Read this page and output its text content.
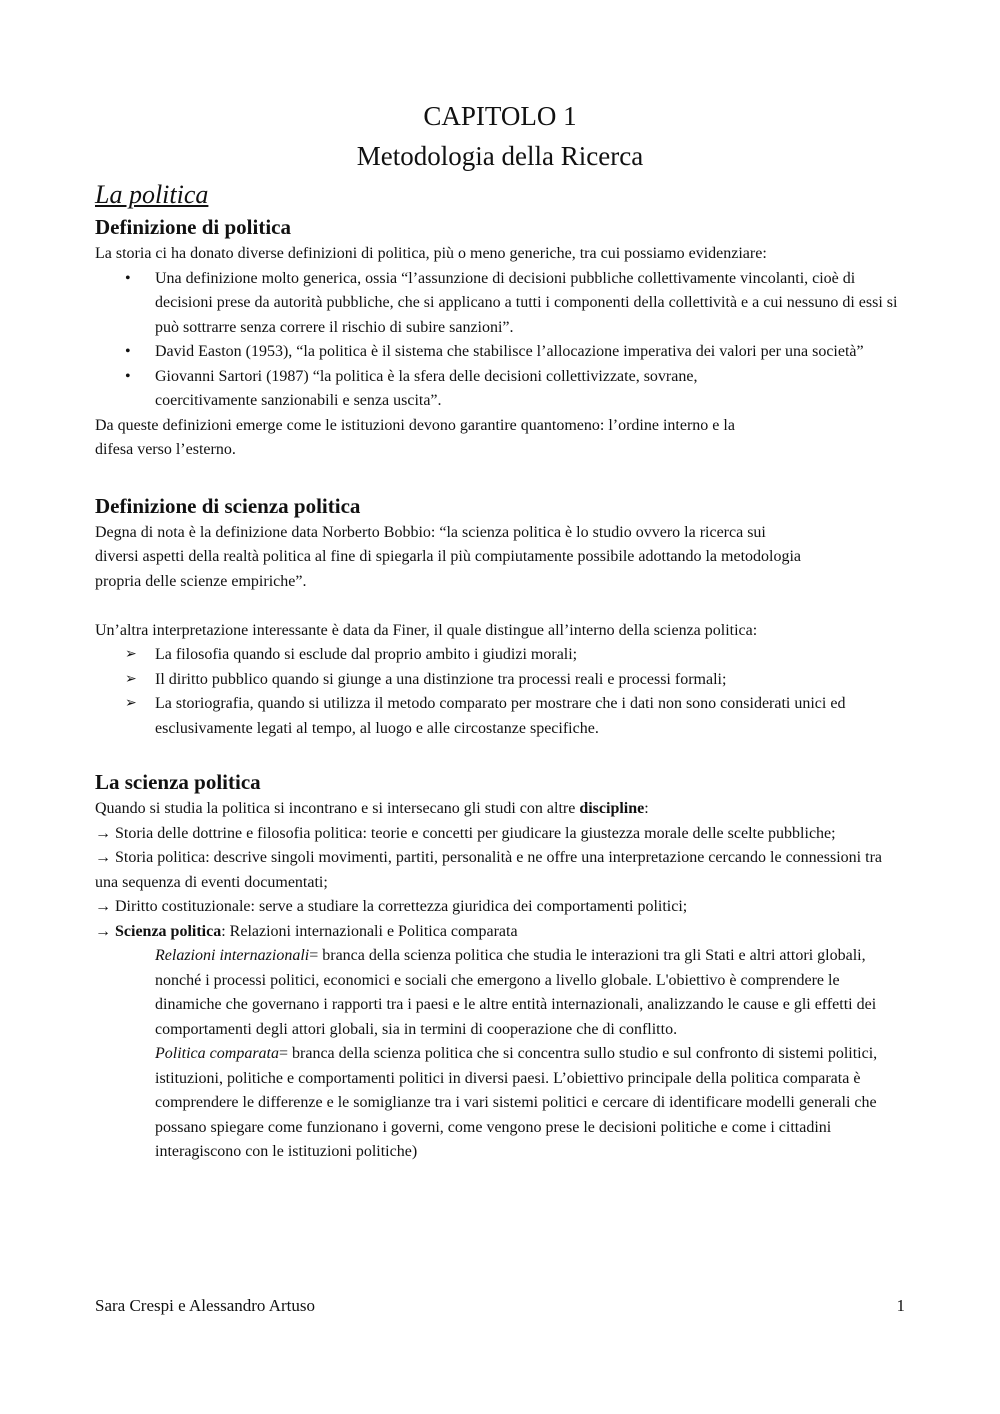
CAPITOLO 1
Metodologia della Ricerca
La politica
Definizione di politica

La storia ci ha donato diverse definizioni di politica, più o meno generiche, tra cui possiamo evidenziare:

• Una definizione molto generica, ossia “l’assunzione di decisioni pubbliche collettivamente vincolanti, cioè di decisioni prese da autorità pubbliche, che si applicano a tutti i componenti della collettività e a cui nessuno di essi si può sottrarre senza correre il rischio di subire sanzioni”.
• David Easton (1953), “la politica è il sistema che stabilisce l’allocazione imperativa dei valori per una società”
• Giovanni Sartori (1987) “la politica è la sfera delle decisioni collettivizzate, sovrane, coercitivamente sanzionabili e senza uscita”.

Da queste definizioni emerge come le istituzioni devono garantire quantomeno: l’ordine interno e la difesa verso l’esterno.

Definizione di scienza politica

Degna di nota è la definizione data Norberto Bobbio: “la scienza politica è lo studio ovvero la ricerca sui diversi aspetti della realtà politica al fine di spiegarla il più compiutamente possibile adottando la metodologia propria delle scienze empiriche”.

Un’altra interpretazione interessante è data da Finer, il quale distingue all’interno della scienza politica:

➢ La filosofia quando si esclude dal proprio ambito i giudizi morali;
➢ Il diritto pubblico quando si giunge a una distinzione tra processi reali e processi formali;
➢ La storiografia, quando si utilizza il metodo comparato per mostrare che i dati non sono considerati unici ed esclusivamente legati al tempo, al luogo e alle circostanze specifiche.
La scienza politica
Quando si studia la politica si incontrano e si intersecano gli studi con altre discipline:
→ Storia delle dottrine e filosofia politica: teorie e concetti per giudicare la giustezza morale delle scelte pubbliche;
→ Storia politica: descrive singoli movimenti, partiti, personalità e ne offre una interpretazione cercando le connessioni tra una sequenza di eventi documentati;
→ Diritto costituzionale: serve a studiare la correttezza giuridica dei comportamenti politici;
→ Scienza politica: Relazioni internazionali e Politica comparata
Relazioni internazionali= branca della scienza politica che studia le interazioni tra gli Stati e altri attori globali, nonché i processi politici, economici e sociali che emergono a livello globale. L'obiettivo è comprendere le dinamiche che governano i rapporti tra i paesi e le altre entità internazionali, analizzando le cause e gli effetti dei comportamenti degli attori globali, sia in termini di cooperazione che di conflitto.
Politica comparata= branca della scienza politica che si concentra sullo studio e sul confronto di sistemi politici, istituzioni, politiche e comportamenti politici in diversi paesi. L’obiettivo principale della politica comparata è comprendere le differenze e le somiglianze tra i vari sistemi politici e cercare di identificare modelli generali che possano spiegare come funzionano i governi, come vengono prese le decisioni politiche e come i cittadini interagiscono con le istituzioni politiche)
Sara Crespi e Alessandro Artuso	1
